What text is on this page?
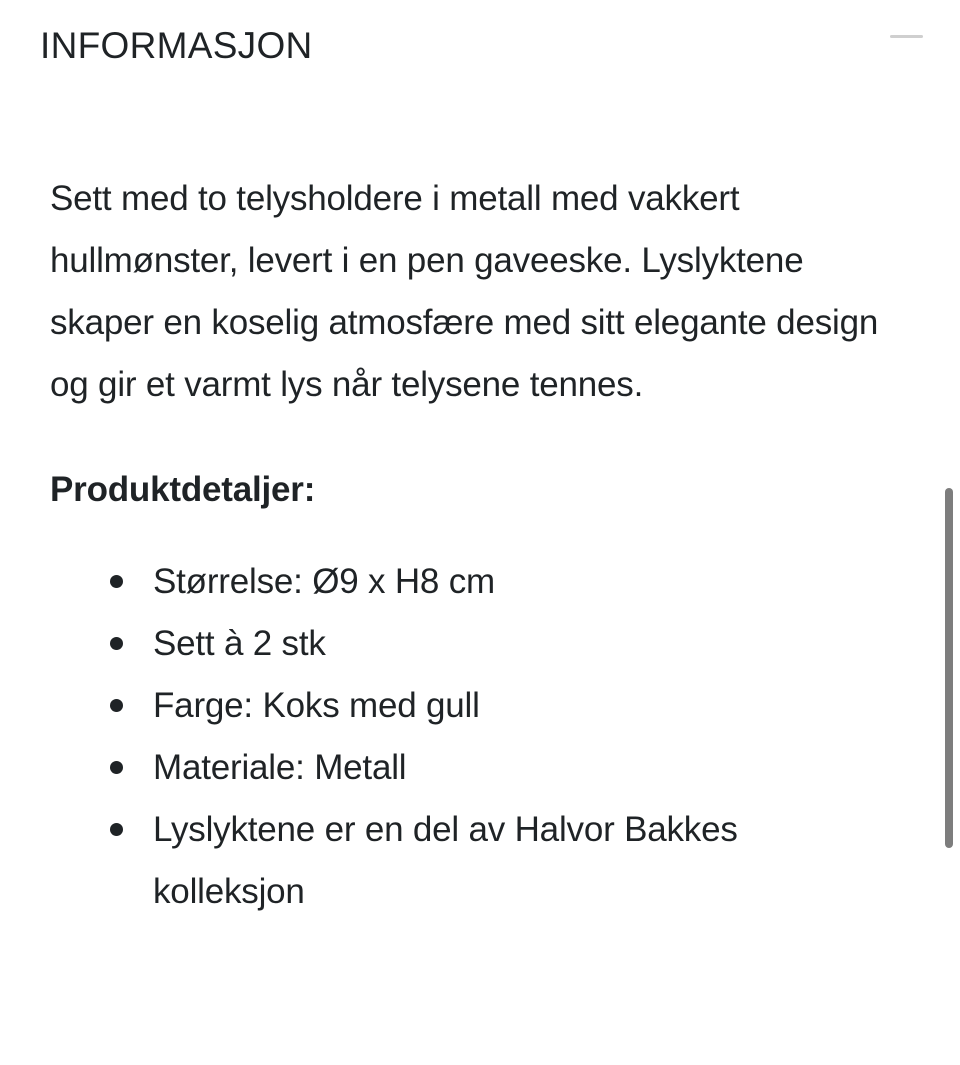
INFORMASJON

Sett med to telysholdere i metall med vakkert hullmønster, levert i en pen gaveeske. Lyslyktene skaper en koselig atmosfære med sitt elegante design og gir et varmt lys når telysene tennes.

Produktdetaljer:

Størrelse: Ø9 x H8 cm
Sett à 2 stk
Farge: Koks med gull
Materiale: Metall
Lyslyktene er en del av Halvor Bakkes kolleksjon
